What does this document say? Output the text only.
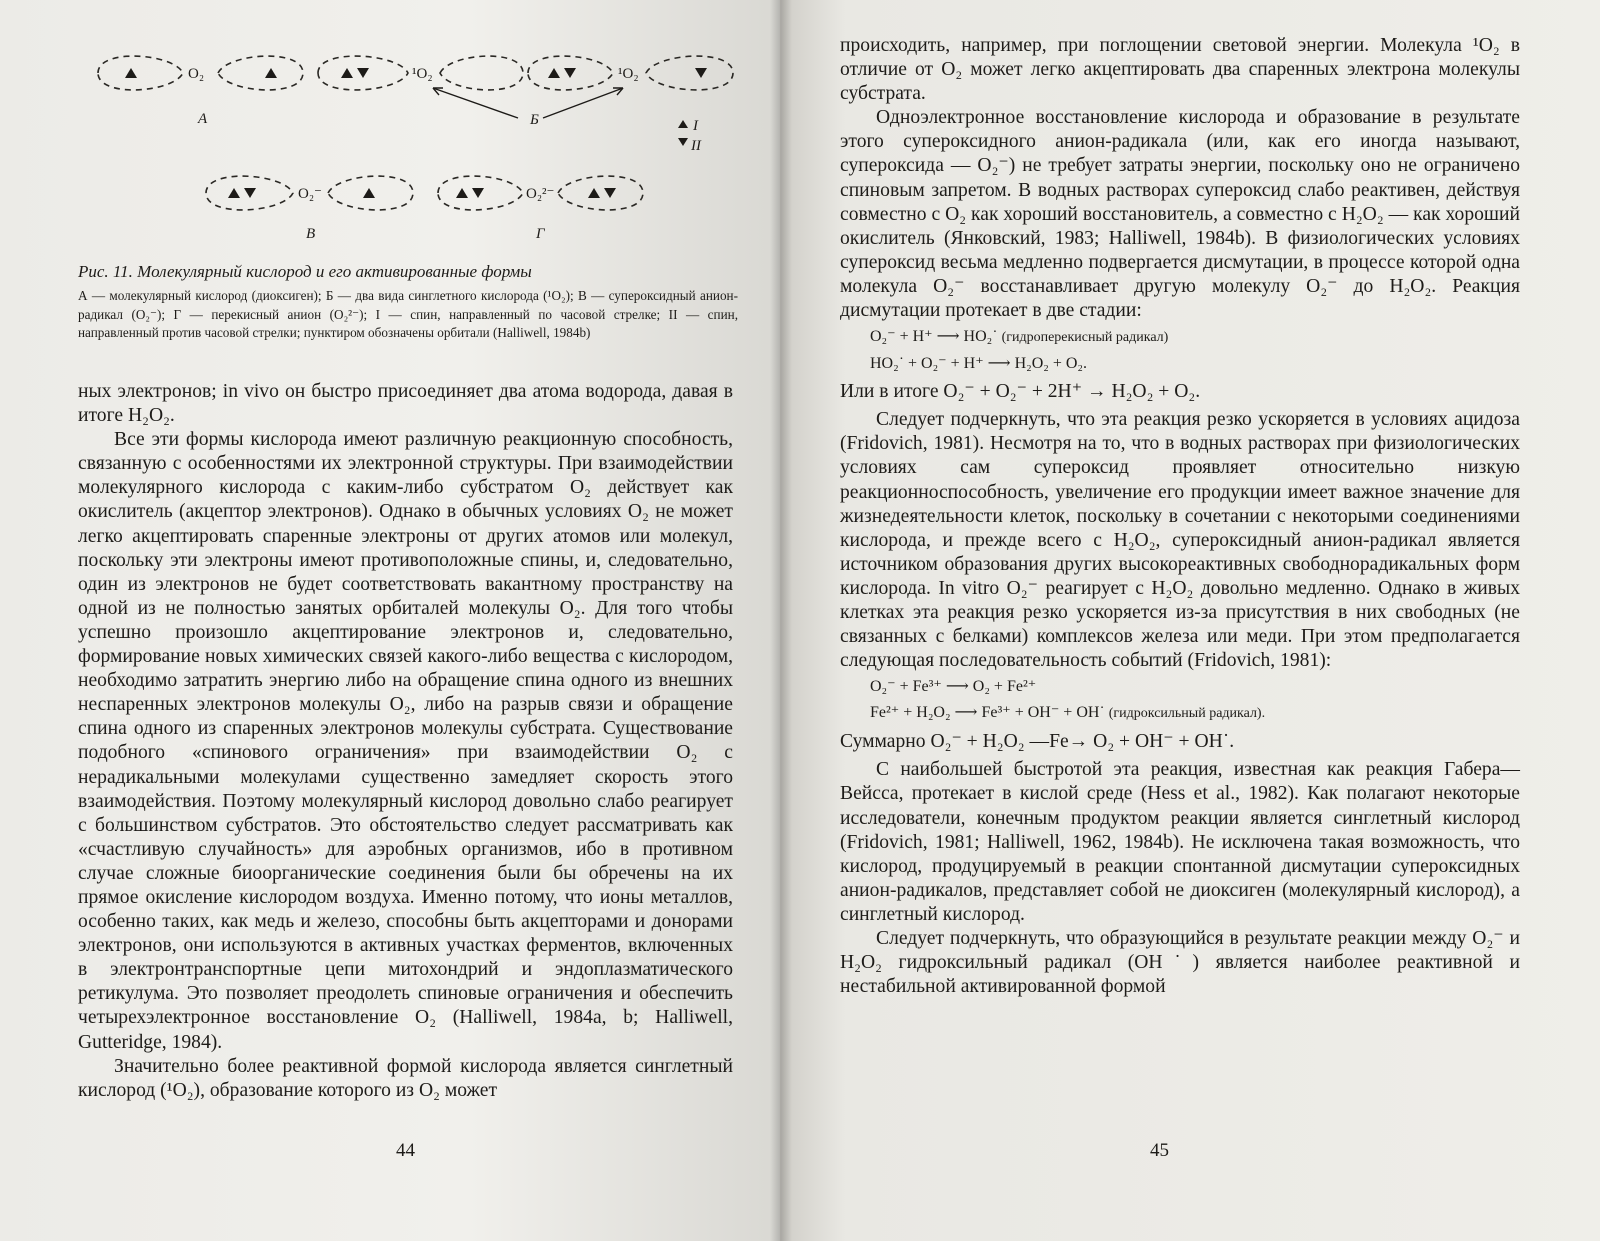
O₂	¹O₂	¹O₂
O₂⁻	O₂²⁻
А	Б
В	Г
I
II
Рис. 11. Молекулярный кислород и его активированные формы
А — молекулярный кислород (диоксиген); Б — два вида синглетного кислорода (¹O₂); В — супероксидный анион-радикал (O₂⁻); Г — перекисный анион (O₂²⁻); I — спин, направленный по часовой стрелке; II — спин, направленный против часовой стрелки; пунктиром обозначены орбитали (Halliwell, 1984b)

ных электронов; in vivo он быстро присоединяет два атома водорода, давая в итоге H₂O₂.

Все эти формы кислорода имеют различную реакционную способность, связанную с особенностями их электронной структуры. При взаимодействии молекулярного кислорода с каким-либо субстратом O₂ действует как окислитель (акцептор электронов). Однако в обычных условиях O₂ не может легко акцептировать спаренные электроны от других атомов или молекул, поскольку эти электроны имеют противоположные спины, и, следовательно, один из электронов не будет соответствовать вакантному пространству на одной из не полностью занятых орбиталей молекулы O₂. Для того чтобы успешно произошло акцептирование электронов и, следовательно, формирование новых химических связей какого-либо вещества с кислородом, необходимо затратить энергию либо на обращение спина одного из внешних неспаренных электронов молекулы O₂, либо на разрыв связи и обращение спина одного из спаренных электронов молекулы субстрата. Существование подобного «спинового ограничения» при взаимодействии O₂ с нерадикальными молекулами существенно замедляет скорость этого взаимодействия. Поэтому молекулярный кислород довольно слабо реагирует с большинством субстратов. Это обстоятельство следует рассматривать как «счастливую случайность» для аэробных организмов, ибо в противном случае сложные биоорганические соединения были бы обречены на их прямое окисление кислородом воздуха. Именно потому, что ионы металлов, особенно таких, как медь и железо, способны быть акцепторами и донорами электронов, они используются в активных участках ферментов, включенных в электронтранспортные цепи митохондрий и эндоплазматического ретикулума. Это позволяет преодолеть спиновые ограничения и обеспечить четырехэлектронное восстановление O₂ (Halliwell, 1984a, b; Halliwell, Gutteridge, 1984).

Значительно более реактивной формой кислорода является синглетный кислород (¹O₂), образование которого из O₂ может

44

происходить, например, при поглощении световой энергии. Молекула ¹O₂ в отличие от O₂ может легко акцептировать два спаренных электрона молекулы субстрата.

Одноэлектронное восстановление кислорода и образование в результате этого супероксидного анион-радикала (или, как его иногда называют, супероксида — O₂⁻) не требует затраты энергии, поскольку оно не ограничено спиновым запретом. В водных растворах супероксид слабо реактивен, действуя совместно с O₂ как хороший восстановитель, а совместно с H₂O₂ — как хороший окислитель (Янковский, 1983; Halliwell, 1984b). В физиологических условиях супероксид весьма медленно подвергается дисмутации, в процессе которой одна молекула O₂⁻ восстанавливает другую молекулу O₂⁻ до H₂O₂. Реакция дисмутации протекает в две стадии:

O₂⁻ + H⁺ ⟶ HO₂˙ (гидроперекисный радикал)
HO₂˙ + O₂⁻ + H⁺ ⟶ H₂O₂ + O₂.
Или в итоге O₂⁻ + O₂⁻ + 2H⁺ → H₂O₂ + O₂.

Следует подчеркнуть, что эта реакция резко ускоряется в условиях ацидоза (Fridovich, 1981). Несмотря на то, что в водных растворах при физиологических условиях сам супероксид проявляет относительно низкую реакционноспособность, увеличение его продукции имеет важное значение для жизнедеятельности клеток, поскольку в сочетании с некоторыми соединениями кислорода, и прежде всего с H₂O₂, супероксидный анион-радикал является источником образования других высокореактивных свободнорадикальных форм кислорода. In vitro O₂⁻ реагирует с H₂O₂ довольно медленно. Однако в живых клетках эта реакция резко ускоряется из-за присутствия в них свободных (не связанных с белками) комплексов железа или меди. При этом предполагается следующая последовательность событий (Fridovich, 1981):

O₂⁻ + Fe³⁺ ⟶ O₂ + Fe²⁺
Fe²⁺ + H₂O₂ ⟶ Fe³⁺ + OH⁻ + OH˙ (гидроксильный радикал).
Суммарно O₂⁻ + H₂O₂ —Fe→ O₂ + OH⁻ + OH˙.

С наибольшей быстротой эта реакция, известная как реакция Габера—Вейсса, протекает в кислой среде (Hess et al., 1982). Как полагают некоторые исследователи, конечным продуктом реакции является синглетный кислород (Fridovich, 1981; Halliwell, 1962, 1984b). Не исключена такая возможность, что кислород, продуцируемый в реакции спонтанной дисмутации супероксидных анион-радикалов, представляет собой не диоксиген (молекулярный кислород), а синглетный кислород.

Следует подчеркнуть, что образующийся в результате реакции между O₂⁻ и H₂O₂ гидроксильный радикал (OH˙) является наиболее реактивной и нестабильной активированной формой

45
